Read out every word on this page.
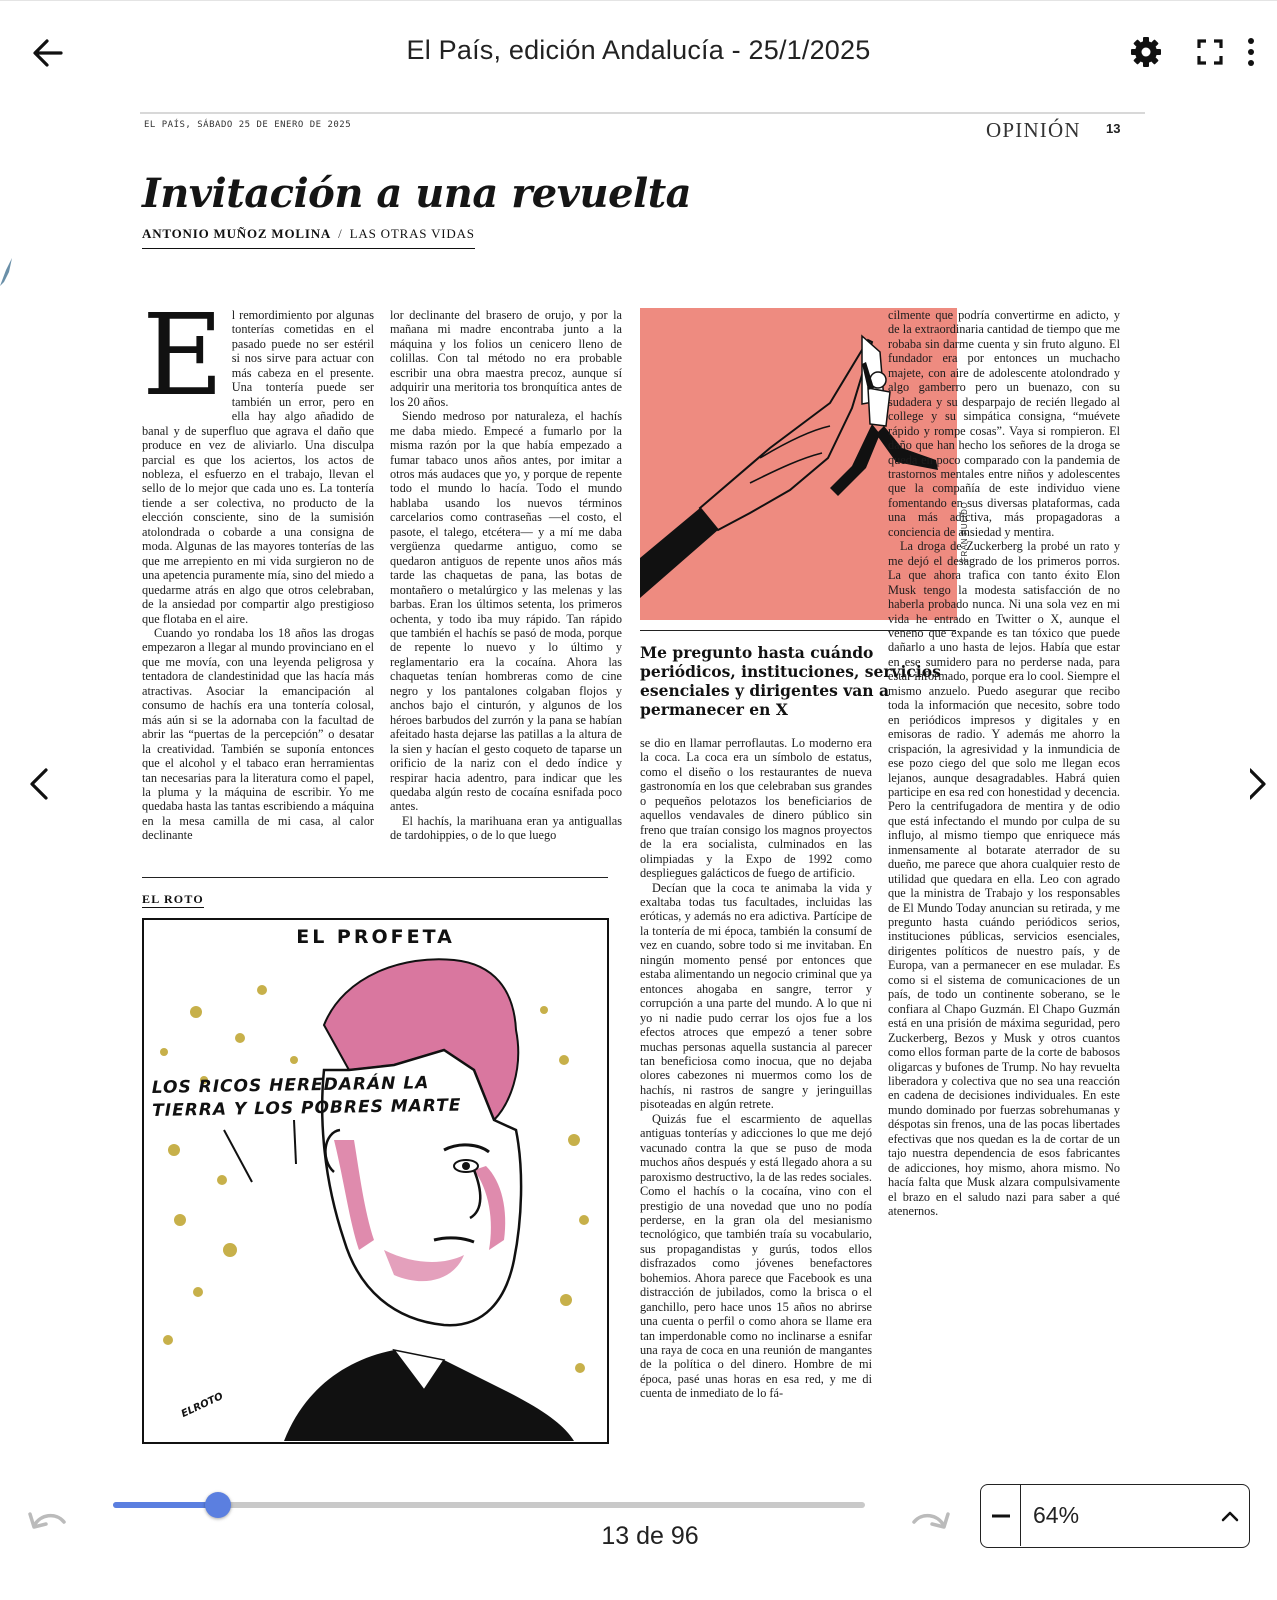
El País, edición Andalucía - 25/1/2025
EL PAÍS, SÁBADO 25 DE ENERO DE 2025	OPINIÓN 13
Invitación a una revuelta
ANTONIO MUÑOZ MOLINA / LAS OTRAS VIDAS
E l remordimiento por algunas tonterías cometidas en el pasado puede no ser estéril si nos sirve para actuar con más cabeza en el presente. Una tontería puede ser también un error, pero en ella hay algo añadido de banal y de superfluo que agrava el daño que produce en vez de aliviarlo. Una disculpa parcial es que los aciertos, los actos de nobleza, el esfuerzo en el trabajo, llevan el sello de lo mejor que cada uno es. La tontería tiende a ser colectiva, no producto de la elección consciente, sino de la sumisión atolondrada o cobarde a una consigna de moda. Algunas de las mayores tonterías de las que me arrepiento en mi vida surgieron no de una apetencia puramente mía, sino del miedo a quedarme atrás en algo que otros celebraban, de la ansiedad por compartir algo prestigioso que flotaba en el aire.

Cuando yo rondaba los 18 años las drogas empezaron a llegar al mundo provinciano en el que me movía, con una leyenda peligrosa y tentadora de clandestinidad que las hacía más atractivas. Asociar la emancipación al consumo de hachís era una tontería colosal, más aún si se la adornaba con la facultad de abrir las “puertas de la percepción” o desatar la creatividad. También se suponía entonces que el alcohol y el tabaco eran herramientas tan necesarias para la literatura como el papel, la pluma y la máquina de escribir. Yo me quedaba hasta las tantas escribiendo a máquina en la mesa camilla de mi casa, al calor declinante

lor declinante del brasero de orujo, y por la mañana mi madre encontraba junto a la máquina y los folios un cenicero lleno de colillas. Con tal método no era probable escribir una obra maestra precoz, aunque sí adquirir una meritoria tos bronquítica antes de los 20 años.

Siendo medroso por naturaleza, el hachís me daba miedo. Empecé a fumarlo por la misma razón por la que había empezado a fumar tabaco unos años antes, por imitar a otros más audaces que yo, y porque de repente todo el mundo lo hacía. Todo el mundo hablaba usando los nuevos términos carcelarios como contraseñas —el costo, el pasote, el talego, etcétera— y a mí me daba vergüenza quedarme antiguo, como se quedaron antiguos de repente unos años más tarde las chaquetas de pana, las botas de montañero o metalúrgico y las melenas y las barbas. Eran los últimos setenta, los primeros ochenta, y todo iba muy rápido. Tan rápido que también el hachís se pasó de moda, porque de repente lo nuevo y lo último y reglamentario era la cocaína. Ahora las chaquetas tenían hombreras como de cine negro y los pantalones colgaban flojos y anchos bajo el cinturón, y algunos de los héroes barbudos del zurrón y la pana se habían afeitado hasta dejarse las patillas a la altura de la sien y hacían el gesto coqueto de taparse un orificio de la nariz con el dedo índice y respirar hacia adentro, para indicar que les quedaba algún resto de cocaína esnifada poco antes.

El hachís, la marihuana eran ya antiguallas de tardohippies, o de lo que luego

FRAN PULIDO
Me pregunto hasta cuándo periódicos, instituciones, servicios esenciales y dirigentes van a permanecer en X

se dio en llamar perroflautas. Lo moderno era la coca. La coca era un símbolo de estatus, como el diseño o los restaurantes de nueva gastronomía en los que celebraban sus grandes o pequeños pelotazos los beneficiarios de aquellos vendavales de dinero público sin freno que traían consigo los magnos proyectos de la era socialista, culminados en las olimpiadas y la Expo de 1992 como despliegues galácticos de fuego de artificio.

Decían que la coca te animaba la vida y exaltaba todas tus facultades, incluidas las eróticas, y además no era adictiva. Partícipe de la tontería de mi época, también la consumí de vez en cuando, sobre todo si me invitaban. En ningún momento pensé por entonces que estaba alimentando un negocio criminal que ya entonces ahogaba en sangre, terror y corrupción a una parte del mundo. A lo que ni yo ni nadie pudo cerrar los ojos fue a los efectos atroces que empezó a tener sobre muchas personas aquella sustancia al parecer tan beneficiosa como inocua, que no dejaba olores cabezones ni muermos como los de hachís, ni rastros de sangre y jeringuillas pisoteadas en algún retrete.

Quizás fue el escarmiento de aquellas antiguas tonterías y adicciones lo que me dejó vacunado contra la que se puso de moda muchos años después y está llegado ahora a su paroxismo destructivo, la de las redes sociales. Como el hachís o la cocaína, vino con el prestigio de una novedad que uno no podía perderse, en la gran ola del mesianismo tecnológico, que también traía su vocabulario, sus propagandistas y gurús, todos ellos disfrazados como jóvenes benefactores bohemios. Ahora parece que Facebook es una distracción de jubilados, como la brisca o el ganchillo, pero hace unos 15 años no abrirse una cuenta o perfil o como ahora se llame era tan imperdonable como no inclinarse a esnifar una raya de coca en una reunión de mangantes de la política o del dinero. Hombre de mi época, pasé unas horas en esa red, y me di cuenta de inmediato de lo fá-

cilmente que podría convertirme en adicto, y de la extraordinaria cantidad de tiempo que me robaba sin darme cuenta y sin fruto alguno. El fundador era por entonces un muchacho majete, con aire de adolescente atolondrado y algo gamberro pero un buenazo, con su sudadera y su desparpajo de recién llegado al college y su simpática consigna, “muévete rápido y rompe cosas”. Vaya si rompieron. El daño que han hecho los señores de la droga se queda en poco comparado con la pandemia de trastornos mentales entre niños y adolescentes que la compañía de este individuo viene fomentando en sus diversas plataformas, cada una más adictiva, más propagadoras a conciencia de ansiedad y mentira.

La droga de Zuckerberg la probé un rato y me dejó el desagrado de los primeros porros. La que ahora trafica con tanto éxito Elon Musk tengo la modesta satisfacción de no haberla probado nunca. Ni una sola vez en mi vida he entrado en Twitter o X, aunque el veneno que expande es tan tóxico que puede dañarlo a uno hasta de lejos. Había que estar en ese sumidero para no perderse nada, para estar informado, porque era lo cool. Siempre el mismo anzuelo. Puedo asegurar que recibo toda la información que necesito, sobre todo en periódicos impresos y digitales y en emisoras de radio. Y además me ahorro la crispación, la agresividad y la inmundicia de ese pozo ciego del que solo me llegan ecos lejanos, aunque desagradables. Habrá quien participe en esa red con honestidad y decencia. Pero la centrifugadora de mentira y de odio que está infectando el mundo por culpa de su influjo, al mismo tiempo que enriquece más inmensamente al botarate aterrador de su dueño, me parece que ahora cualquier resto de utilidad que quedara en ella. Leo con agrado que la ministra de Trabajo y los responsables de El Mundo Today anuncian su retirada, y me pregunto hasta cuándo periódicos serios, instituciones públicas, servicios esenciales, dirigentes políticos de nuestro país, y de Europa, van a permanecer en ese muladar. Es como si el sistema de comunicaciones de un país, de todo un continente soberano, se le confiara al Chapo Guzmán. El Chapo Guzmán está en una prisión de máxima seguridad, pero Zuckerberg, Bezos y Musk y otros cuantos como ellos forman parte de la corte de babosos oligarcas y bufones de Trump. No hay revuelta liberadora y colectiva que no sea una reacción en cadena de decisiones individuales. En este mundo dominado por fuerzas sobrehumanas y déspotas sin frenos, una de las pocas libertades efectivas que nos quedan es la de cortar de un tajo nuestra dependencia de esos fabricantes de adicciones, hoy mismo, ahora mismo. No hacía falta que Musk alzara compulsivamente el brazo en el saludo nazi para saber a qué atenernos.

EL ROTO
EL PROFETA
LOS RICOS HEREDARÁN LA TIERRA Y LOS POBRES MARTE
ELROTO
13 de 96
64%
